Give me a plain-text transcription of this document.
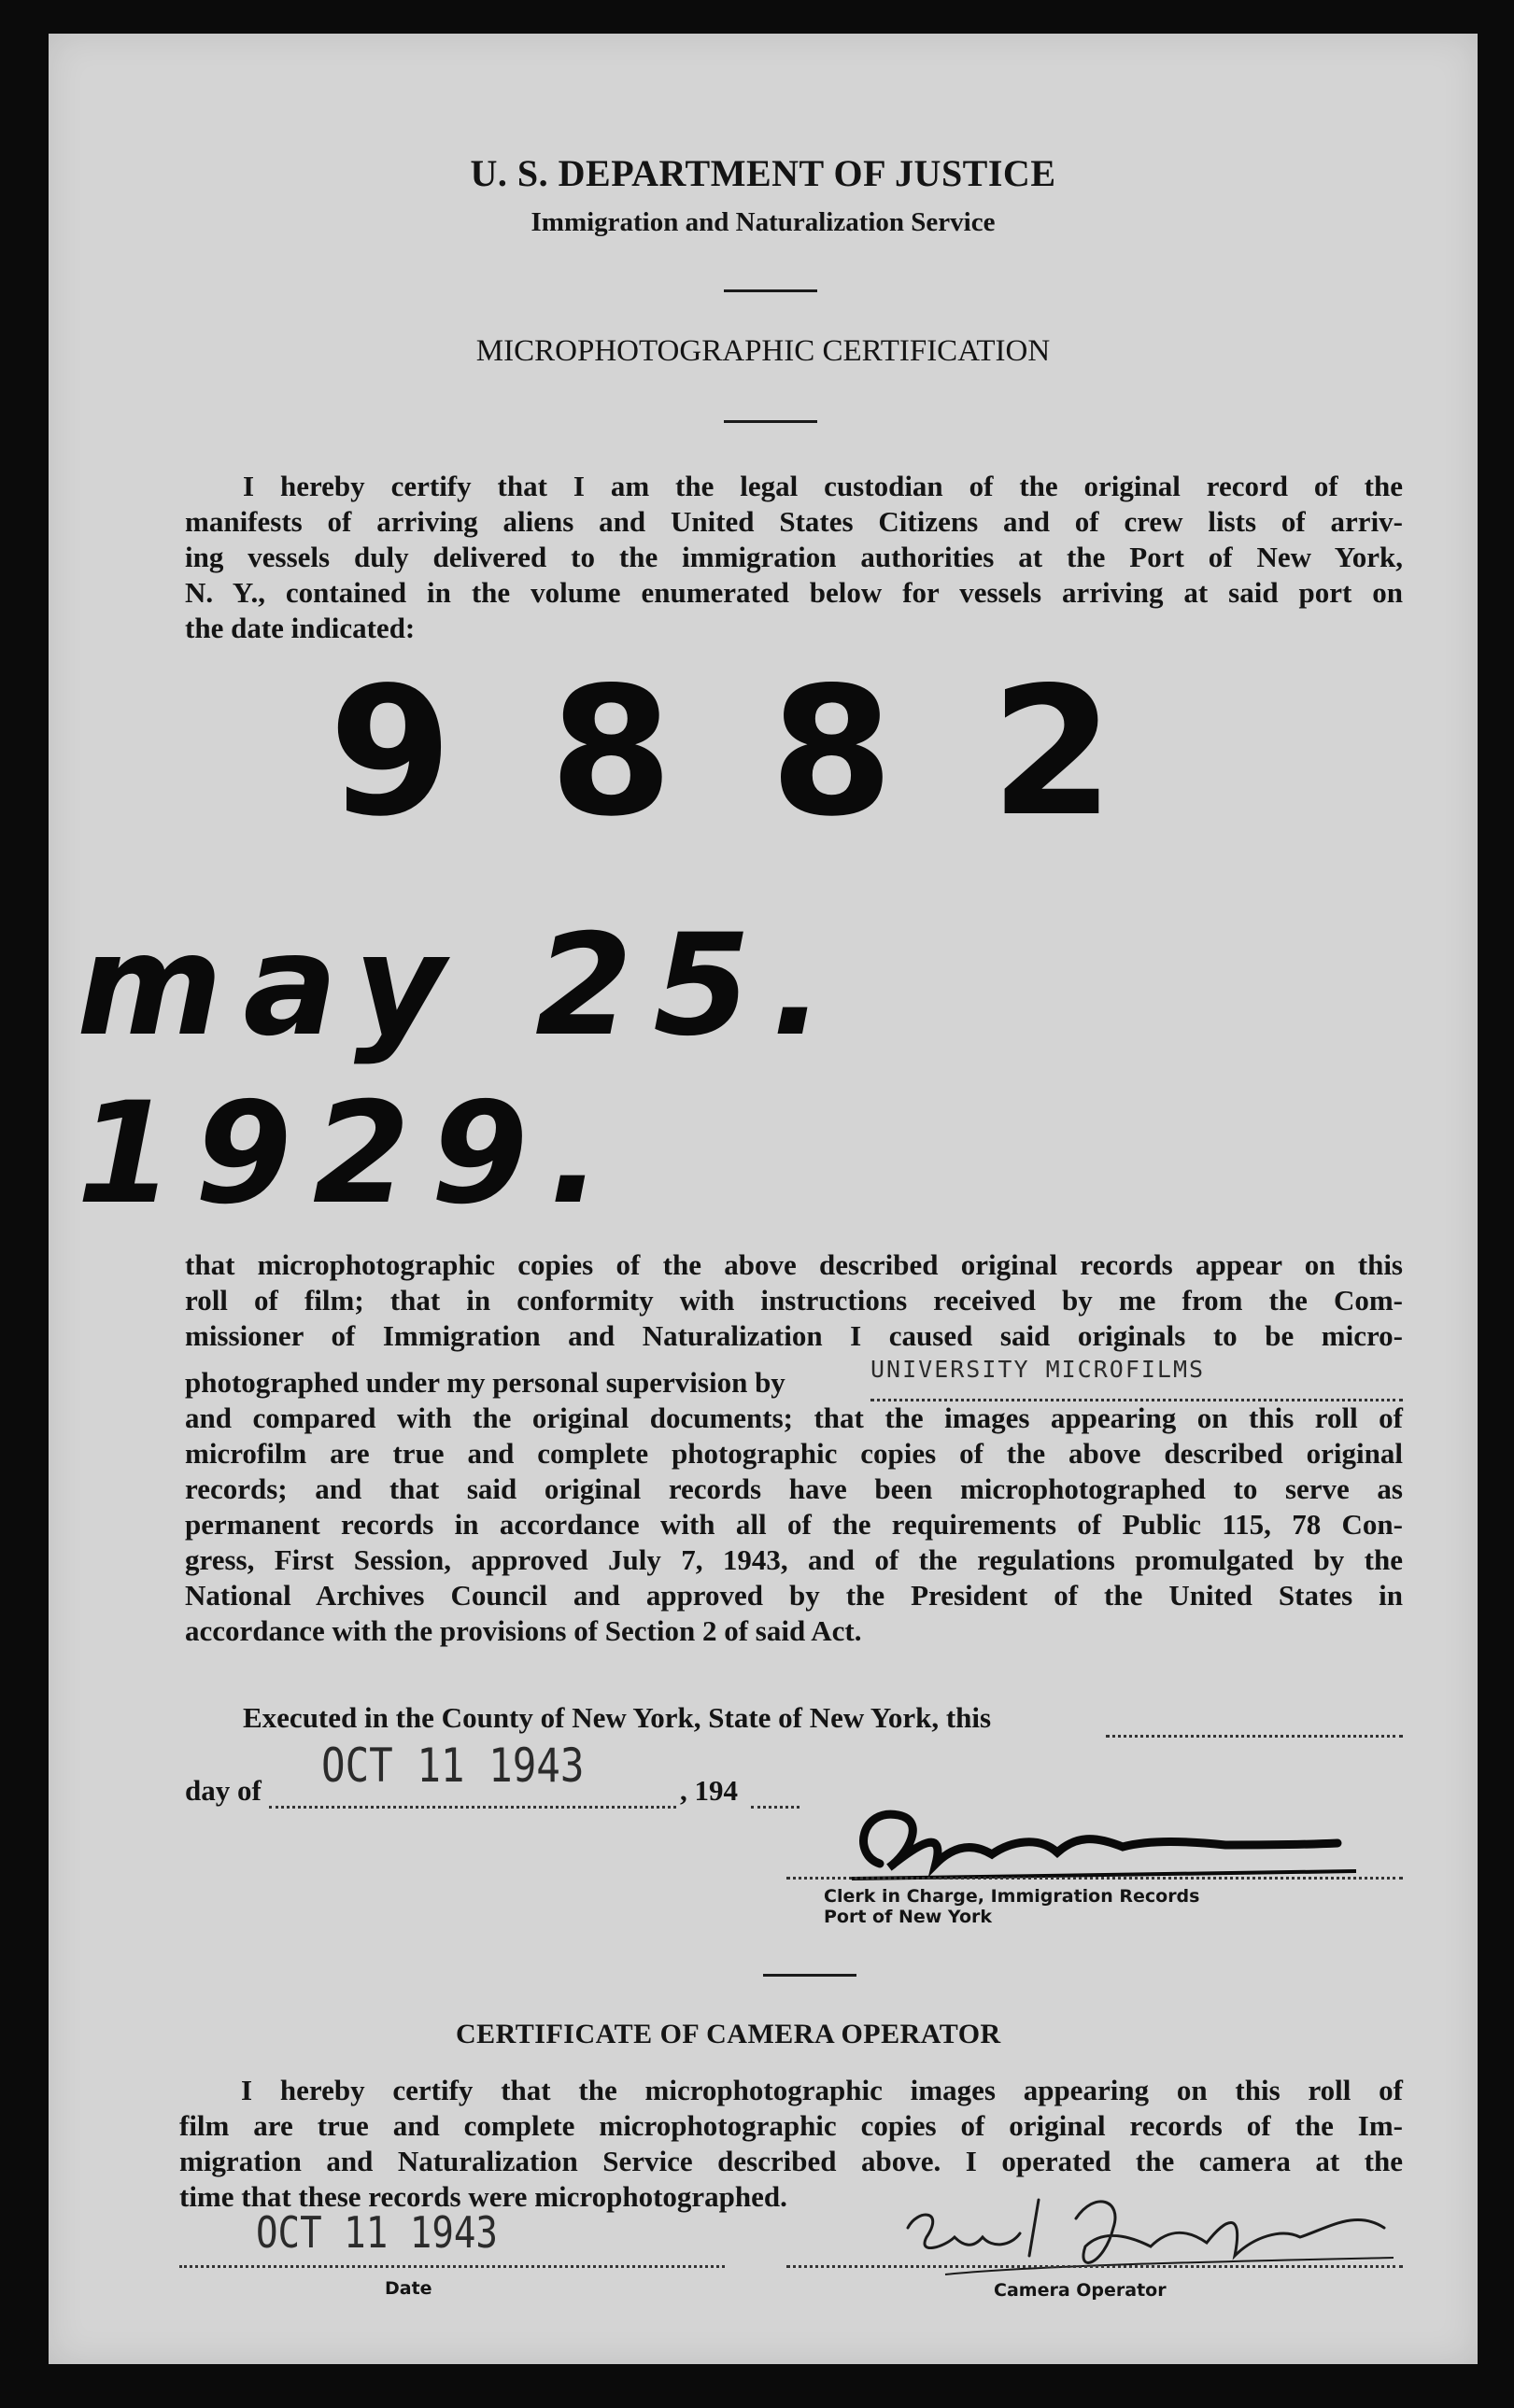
U. S. DEPARTMENT OF JUSTICE
Immigration and Naturalization Service
MICROPHOTOGRAPHIC CERTIFICATION
I hereby certify that I am the legal custodian of the original record of the
manifests of arriving aliens and United States Citizens and of crew lists of arriv-
ing vessels duly delivered to the immigration authorities at the Port of New York,
N. Y., contained in the volume enumerated below for vessels arriving at said port on
the date indicated:
9882
may 25. 1929.
that microphotographic copies of the above described original records appear on this
roll of film; that in conformity with instructions received by me from the Com-
missioner of Immigration and Naturalization I caused said originals to be micro-
photographed under my personal supervision by	UNIVERSITY MICROFILMS
and compared with the original documents; that the images appearing on this roll of
microfilm are true and complete photographic copies of the above described original
records; and that said original records have been microphotographed to serve as
permanent records in accordance with all of the requirements of Public 115, 78 Con-
gress, First Session, approved July 7, 1943, and of the regulations promulgated by the
National Archives Council and approved by the President of the United States in
accordance with the provisions of Section 2 of said Act.
Executed in the County of New York, State of New York, this
day of OCT 11 1943	, 194
Clerk in Charge, Immigration Records
Port of New York
CERTIFICATE OF CAMERA OPERATOR
I hereby certify that the microphotographic images appearing on this roll of
film are true and complete microphotographic copies of original records of the Im-
migration and Naturalization Service described above. I operated the camera at the
time that these records were microphotographed.
OCT 11 1943
Date	Camera Operator
